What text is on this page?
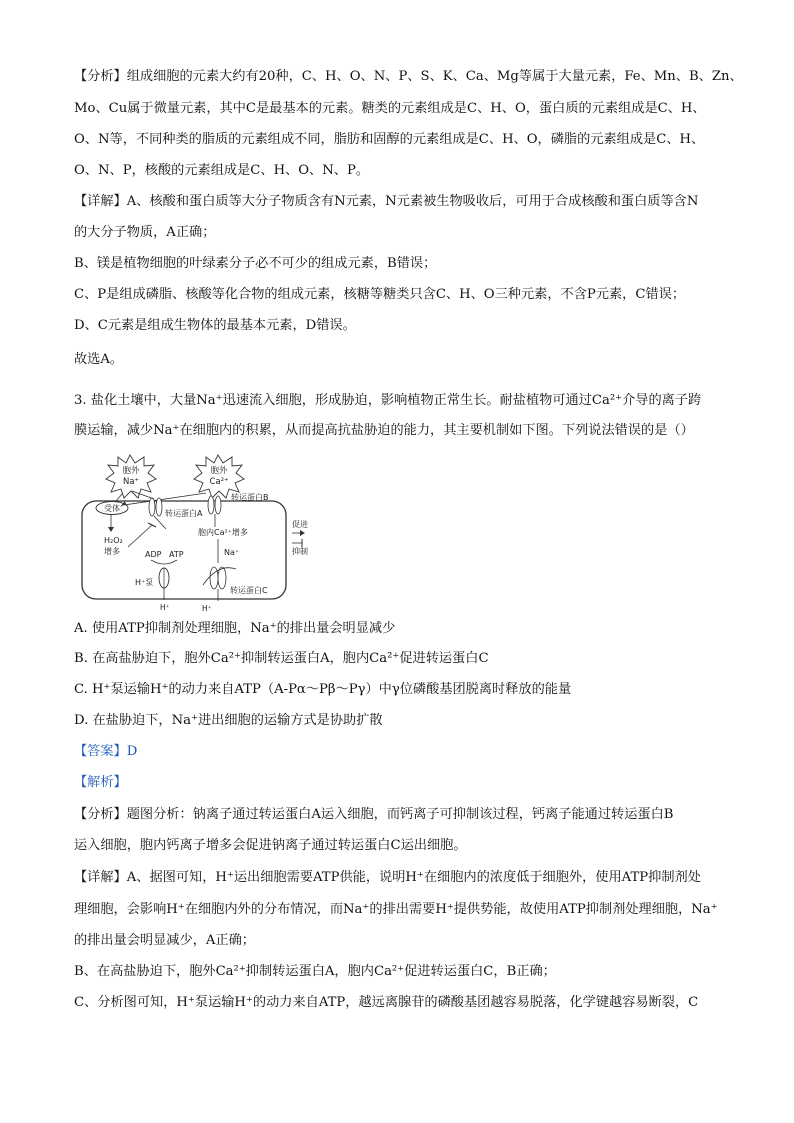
【分析】组成细胞的元素大约有20种，C、H、O、N、P、S、K、Ca、Mg等属于大量元素，Fe、Mn、B、Zn、
Mo、Cu属于微量元素，其中C是最基本的元素。糖类的元素组成是C、H、O，蛋白质的元素组成是C、H、
O、N等，不同种类的脂质的元素组成不同，脂肪和固醇的元素组成是C、H、O，磷脂的元素组成是C、H、
O、N、P，核酸的元素组成是C、H、O、N、P。
【详解】A、核酸和蛋白质等大分子物质含有N元素，N元素被生物吸收后，可用于合成核酸和蛋白质等含N
的大分子物质，A正确；
B、镁是植物细胞的叶绿素分子必不可少的组成元素，B错误；
C、P是组成磷脂、核酸等化合物的组成元素，核糖等糖类只含C、H、O三种元素，不含P元素，C错误；
D、C元素是组成生物体的最基本元素，D错误。
故选A。
3. 盐化土壤中，大量Na⁺迅速流入细胞，形成胁迫，影响植物正常生长。耐盐植物可通过Ca²⁺介导的离子跨
膜运输，减少Na⁺在细胞内的积累，从而提高抗盐胁迫的能力，其主要机制如下图。下列说法错误的是（）
胞外
Na⁺
胞外
Ca²⁺
受体
转运蛋白A
转运蛋白B
胞内Ca²⁺增多
H₂O₂
增多
促进
抑制
ADP ATP
H⁺泵
H⁺
Na⁺
H⁺
转运蛋白C
A. 使用ATP抑制剂处理细胞，Na⁺的排出量会明显减少
B. 在高盐胁迫下，胞外Ca²⁺抑制转运蛋白A，胞内Ca²⁺促进转运蛋白C
C. H⁺泵运输H⁺的动力来自ATP（A-Pα～Pβ～Pγ）中γ位磷酸基团脱离时释放的能量
D. 在盐胁迫下，Na⁺进出细胞的运输方式是协助扩散
【答案】D
【解析】
【分析】题图分析：钠离子通过转运蛋白A运入细胞，而钙离子可抑制该过程，钙离子能通过转运蛋白B
运入细胞，胞内钙离子增多会促进钠离子通过转运蛋白C运出细胞。
【详解】A、据图可知，H⁺运出细胞需要ATP供能，说明H⁺在细胞内的浓度低于细胞外，使用ATP抑制剂处
理细胞，会影响H⁺在细胞内外的分布情况，而Na⁺的排出需要H⁺提供势能，故使用ATP抑制剂处理细胞，Na⁺
的排出量会明显减少，A正确；
B、在高盐胁迫下，胞外Ca²⁺抑制转运蛋白A，胞内Ca²⁺促进转运蛋白C，B正确；
C、分析图可知，H⁺泵运输H⁺的动力来自ATP，越远离腺苷的磷酸基团越容易脱落，化学键越容易断裂，C
